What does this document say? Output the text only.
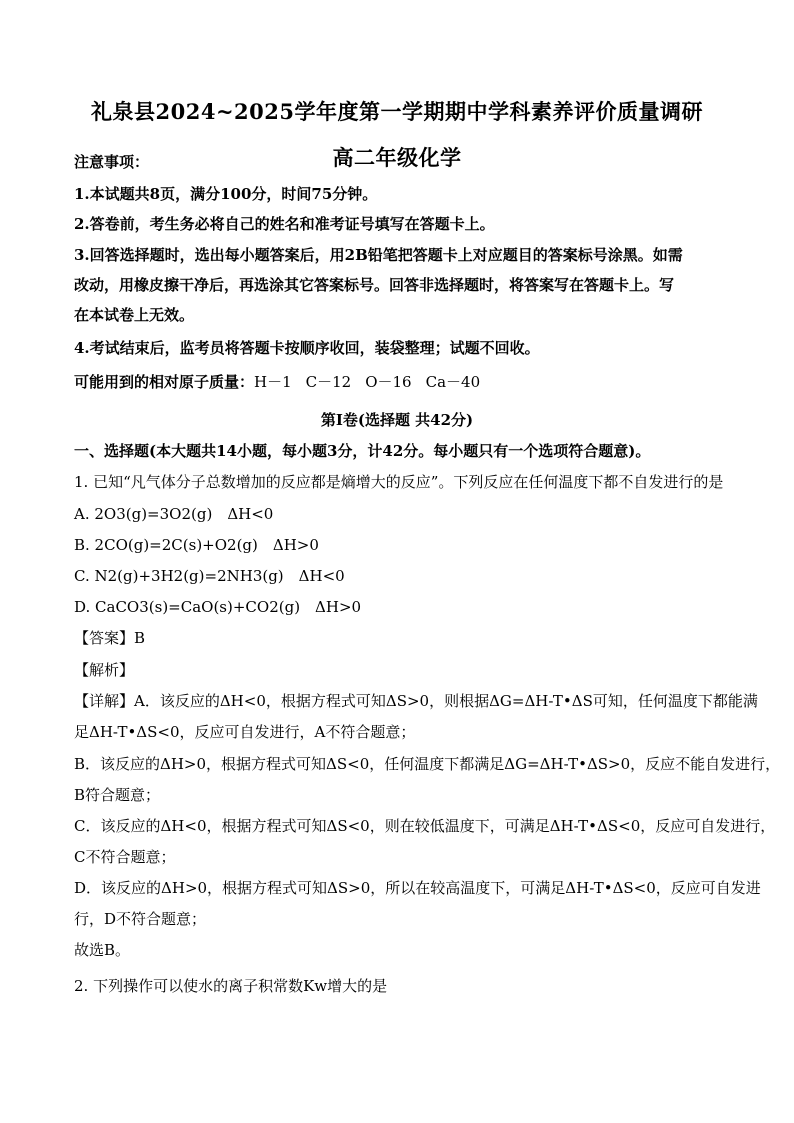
礼泉县2024~2025学年度第一学期期中学科素养评价质量调研
高二年级化学
注意事项：
1.本试题共8页，满分100分，时间75分钟。
2.答卷前，考生务必将自己的姓名和准考证号填写在答题卡上。
3.回答选择题时，选出每小题答案后，用2B铅笔把答题卡上对应题目的答案标号涂黑。如需
改动，用橡皮擦干净后，再选涂其它答案标号。回答非选择题时，将答案写在答题卡上。写
在本试卷上无效。
4.考试结束后，监考员将答题卡按顺序收回，装袋整理；试题不回收。
可能用到的相对原子质量：H－1 C－12 O－16 Ca－40
第I卷(选择题 共42分)
一、选择题(本大题共14小题，每小题3分，计42分。每小题只有一个选项符合题意)。
1. 已知“凡气体分子总数增加的反应都是熵增大的反应”。下列反应在任何温度下都不自发进行的是
A. 2O3(g)=3O2(g)　ΔH<0
B. 2CO(g)=2C(s)+O2(g)　ΔH>0
C. N2(g)+3H2(g)=2NH3(g)　ΔH<0
D. CaCO3(s)=CaO(s)+CO2(g)　ΔH>0
【答案】B
【解析】
【详解】A．该反应的ΔH<0，根据方程式可知ΔS>0，则根据ΔG=ΔH-T•ΔS可知，任何温度下都能满
足ΔH-T•ΔS<0，反应可自发进行，A不符合题意；
B．该反应的ΔH>0，根据方程式可知ΔS<0，任何温度下都满足ΔG=ΔH-T•ΔS>0，反应不能自发进行，
B符合题意；
C．该反应的ΔH<0，根据方程式可知ΔS<0，则在较低温度下，可满足ΔH-T•ΔS<0，反应可自发进行，
C不符合题意；
D．该反应的ΔH>0，根据方程式可知ΔS>0，所以在较高温度下，可满足ΔH-T•ΔS<0，反应可自发进
行，D不符合题意；
故选B。
2. 下列操作可以使水的离子积常数Kw增大的是
